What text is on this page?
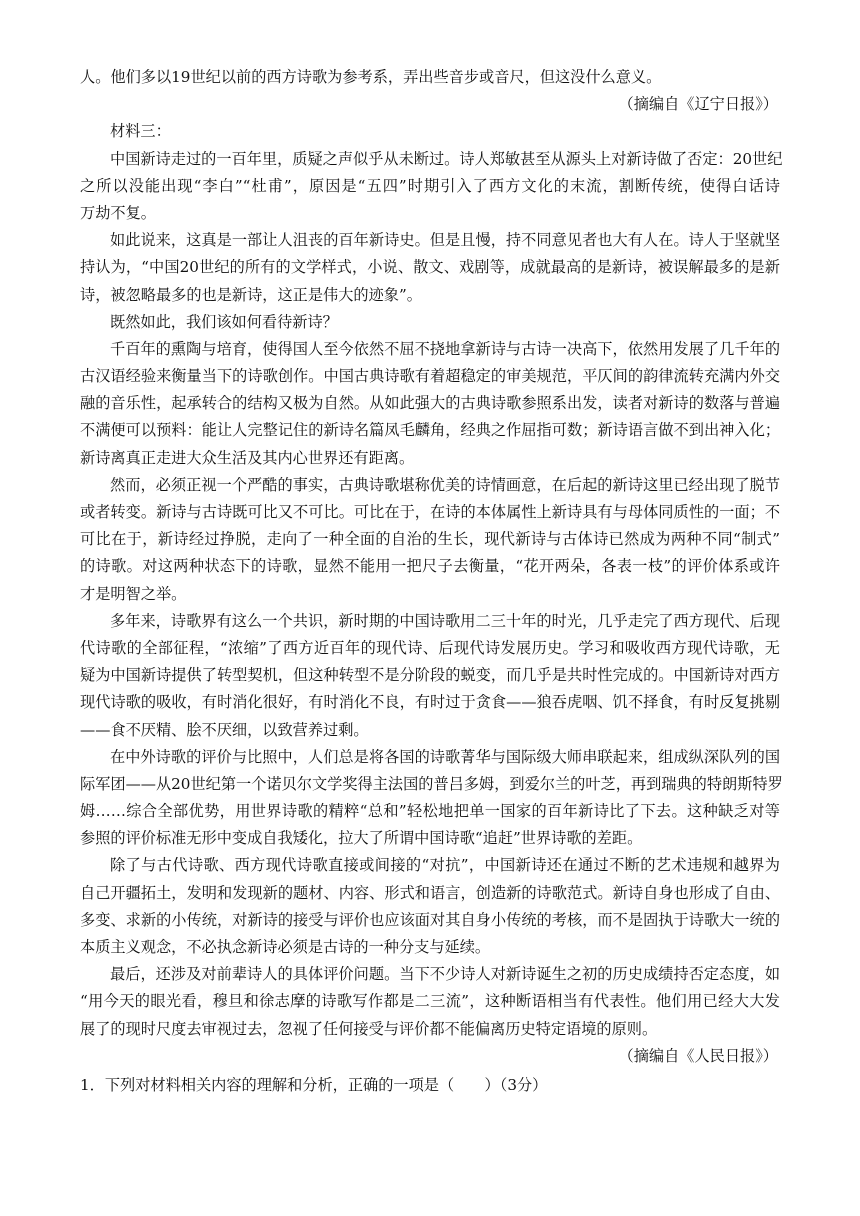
人。他们多以19世纪以前的西方诗歌为参考系，弄出些音步或音尺，但这没什么意义。
（摘编自《辽宁日报》）
材料三：
中国新诗走过的一百年里，质疑之声似乎从未断过。诗人郑敏甚至从源头上对新诗做了否定：20世纪
之所以没能出现“李白”“杜甫”，原因是“五四”时期引入了西方文化的末流，割断传统，使得白话诗
万劫不复。
如此说来，这真是一部让人沮丧的百年新诗史。但是且慢，持不同意见者也大有人在。诗人于坚就坚
持认为，“中国20世纪的所有的文学样式，小说、散文、戏剧等，成就最高的是新诗，被误解最多的是新
诗，被忽略最多的也是新诗，这正是伟大的迹象”。
既然如此，我们该如何看待新诗？
千百年的熏陶与培育，使得国人至今依然不屈不挠地拿新诗与古诗一决高下，依然用发展了几千年的
古汉语经验来衡量当下的诗歌创作。中国古典诗歌有着超稳定的审美规范，平仄间的韵律流转充满内外交
融的音乐性，起承转合的结构又极为自然。从如此强大的古典诗歌参照系出发，读者对新诗的数落与普遍
不满便可以预料：能让人完整记住的新诗名篇凤毛麟角，经典之作屈指可数；新诗语言做不到出神入化；
新诗离真正走进大众生活及其内心世界还有距离。
然而，必须正视一个严酷的事实，古典诗歌堪称优美的诗情画意，在后起的新诗这里已经出现了脱节
或者转变。新诗与古诗既可比又不可比。可比在于，在诗的本体属性上新诗具有与母体同质性的一面；不
可比在于，新诗经过挣脱，走向了一种全面的自治的生长，现代新诗与古体诗已然成为两种不同“制式”
的诗歌。对这两种状态下的诗歌，显然不能用一把尺子去衡量，“花开两朵，各表一枝”的评价体系或许
才是明智之举。
多年来，诗歌界有这么一个共识，新时期的中国诗歌用二三十年的时光，几乎走完了西方现代、后现
代诗歌的全部征程，“浓缩”了西方近百年的现代诗、后现代诗发展历史。学习和吸收西方现代诗歌，无
疑为中国新诗提供了转型契机，但这种转型不是分阶段的蜕变，而几乎是共时性完成的。中国新诗对西方
现代诗歌的吸收，有时消化很好，有时消化不良，有时过于贪食——狼吞虎咽、饥不择食，有时反复挑剔
——食不厌精、脍不厌细，以致营养过剩。
在中外诗歌的评价与比照中，人们总是将各国的诗歌菁华与国际级大师串联起来，组成纵深队列的国
际军团——从20世纪第一个诺贝尔文学奖得主法国的普吕多姆，到爱尔兰的叶芝，再到瑞典的特朗斯特罗
姆……综合全部优势，用世界诗歌的精粹“总和”轻松地把单一国家的百年新诗比了下去。这种缺乏对等
参照的评价标准无形中变成自我矮化，拉大了所谓中国诗歌“追赶”世界诗歌的差距。
除了与古代诗歌、西方现代诗歌直接或间接的“对抗”，中国新诗还在通过不断的艺术违规和越界为
自己开疆拓土，发明和发现新的题材、内容、形式和语言，创造新的诗歌范式。新诗自身也形成了自由、
多变、求新的小传统，对新诗的接受与评价也应该面对其自身小传统的考核，而不是固执于诗歌大一统的
本质主义观念，不必执念新诗必须是古诗的一种分支与延续。
最后，还涉及对前辈诗人的具体评价问题。当下不少诗人对新诗诞生之初的历史成绩持否定态度，如
“用今天的眼光看，穆旦和徐志摩的诗歌写作都是二三流”，这种断语相当有代表性。他们用已经大大发
展了的现时尺度去审视过去，忽视了任何接受与评价都不能偏离历史特定语境的原则。
（摘编自《人民日报》）
1．下列对材料相关内容的理解和分析，正确的一项是（　　）（3分）
